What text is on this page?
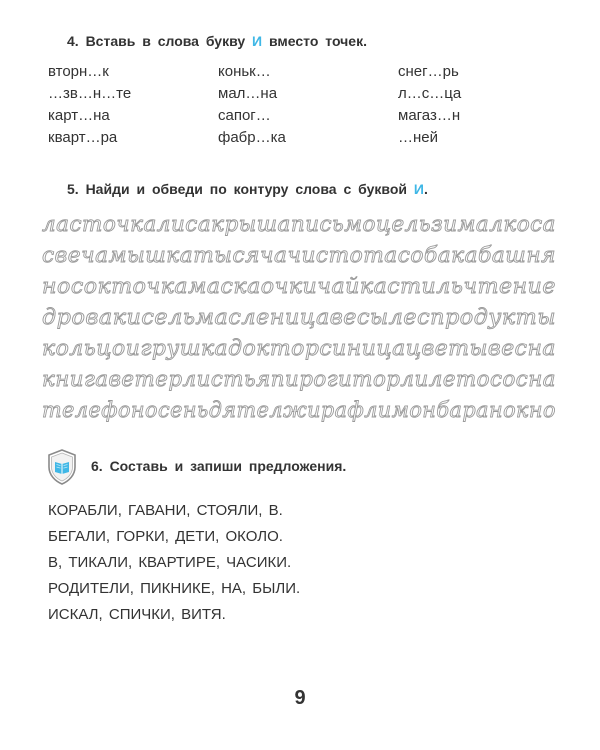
4. Вставь в слова букву И вместо точек.
вторн…к
…зв…н…те
карт…на
кварт…ра
коньк…
мал…на
сапог…
фабр…ка
снег…рь
л…с…ца
магаз…н
…ней
5. Найди и обведи по контуру слова с буквой И.
ласточкалисакрышаписьмоцельзималкоса
свечамышкатысячачистотасобакабашня
носокточкамаскаочкичайкастильчтение
дровакисельмасленицавесылеспродукты
кольцоигрушкадокторсиницацветывесна
книгаветерлистьяпирогиторлилетососна
телефоносеньдятелжирафлимонбаранокно
6. Составь и запиши предложения.
КОРАБЛИ, ГАВАНИ, СТОЯЛИ, В.
БЕГАЛИ, ГОРКИ, ДЕТИ, ОКОЛО.
В, ТИКАЛИ, КВАРТИРЕ, ЧАСИКИ.
РОДИТЕЛИ, ПИКНИКЕ, НА, БЫЛИ.
ИСКАЛ, СПИЧКИ, ВИТЯ.
9
